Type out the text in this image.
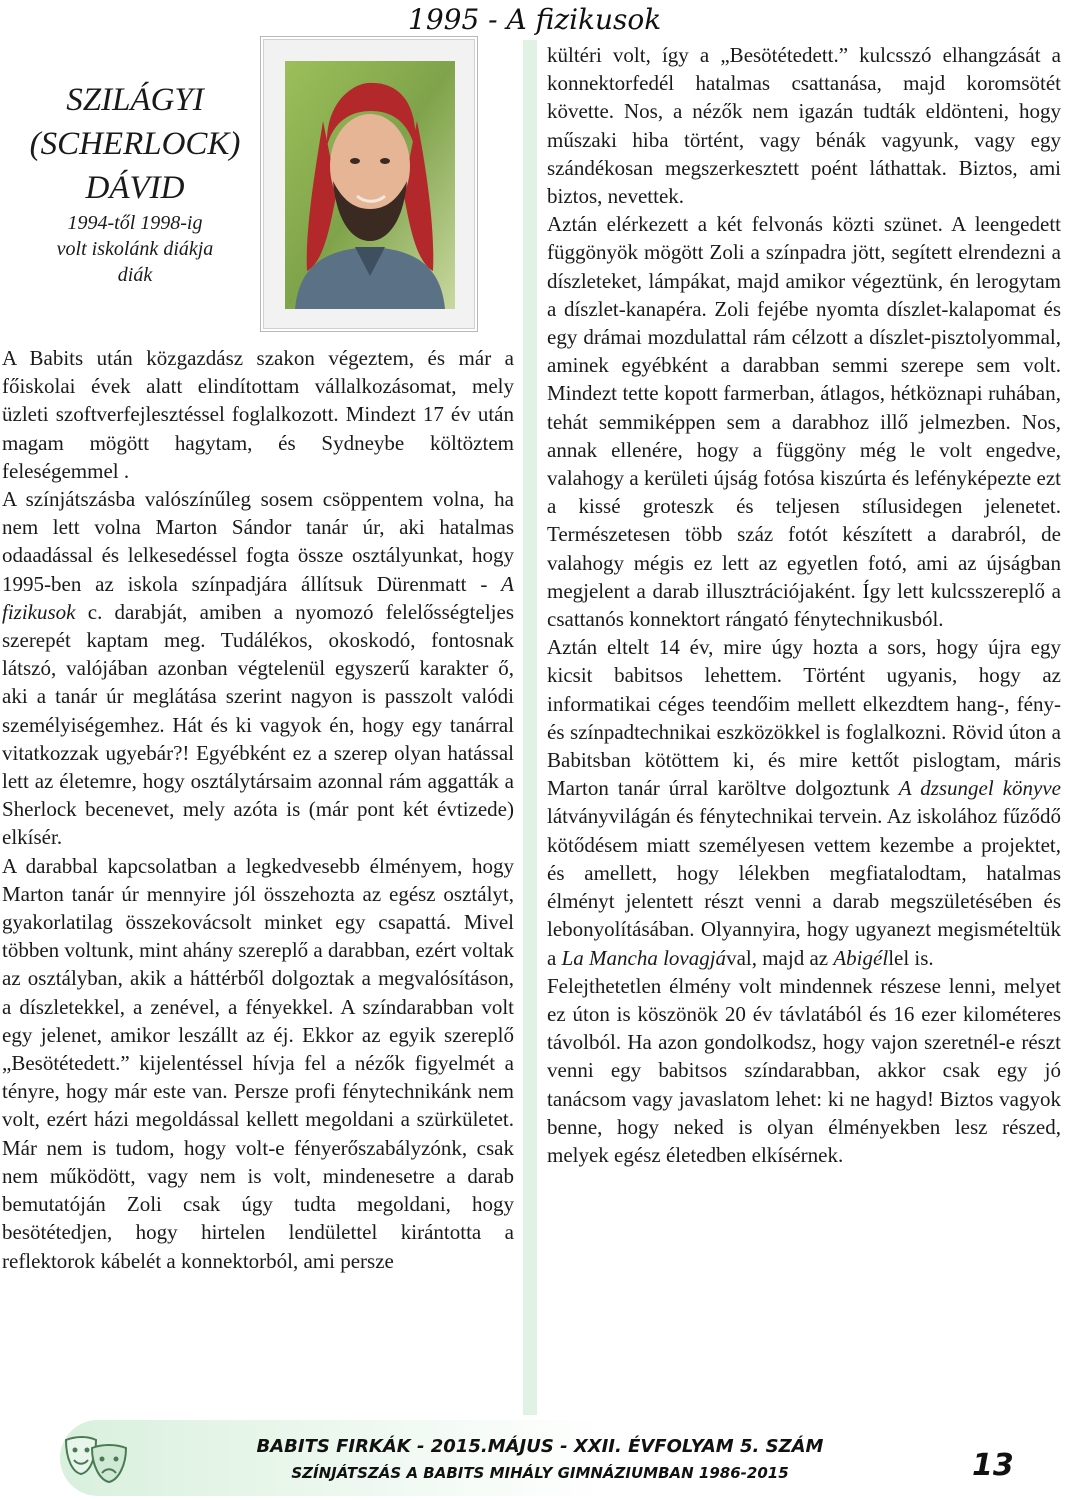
1995 - A fizikusok
SZILÁGYI
(SCHERLOCK)
DÁVID
1994-től 1998-ig
volt iskolánk diákja
diák

A Babits után közgazdász szakon végeztem, és már a főiskolai évek alatt elindítottam vállalkozásomat, mely üzleti szoftverfejlesztéssel foglalkozott. Mindezt 17 év után magam mögött hagytam, és Sydneybe költöztem feleségemmel .

A színjátszásba valószínűleg sosem csöppentem volna, ha nem lett volna Marton Sándor tanár úr, aki hatalmas odaadással és lelkesedéssel fogta össze osztályunkat, hogy 1995-ben az iskola színpadjára állítsuk Dürenmatt - A fizikusok c. darabját, amiben a nyomozó felelősségteljes szerepét kaptam meg. Tudálékos, okoskodó, fontosnak látszó, valójában azonban végtelenül egyszerű karakter ő, aki a tanár úr meglátása szerint nagyon is passzolt valódi személyiségemhez. Hát és ki vagyok én, hogy egy tanárral vitatkozzak ugyebár?! Egyébként ez a szerep olyan hatással lett az életemre, hogy osztálytársaim azonnal rám aggatták a Sherlock becenevet, mely azóta is (már pont két évtizede) elkísér.

A darabbal kapcsolatban a legkedvesebb élményem, hogy Marton tanár úr mennyire jól összehozta az egész osztályt, gyakorlatilag összekovácsolt minket egy csapattá. Mivel többen voltunk, mint ahány szereplő a darabban, ezért voltak az osztályban, akik a háttérből dolgoztak a megvalósításon, a díszletekkel, a zenével, a fényekkel. A színdarabban volt egy jelenet, amikor leszállt az éj. Ekkor az egyik szereplő „Besötétedett.” kijelentéssel hívja fel a nézők figyelmét a tényre, hogy már este van. Persze profi fénytechnikánk nem volt, ezért házi megoldással kellett megoldani a szürkületet. Már nem is tudom, hogy volt-e fényerőszabályzónk, csak nem működött, vagy nem is volt, mindenesetre a darab bemutatóján Zoli csak úgy tudta megoldani, hogy besötétedjen, hogy hirtelen lendülettel kirántotta a reflektorok kábelét a konnektorból, ami persze

kültéri volt, így a „Besötétedett.” kulcsszó elhangzását a konnektorfedél hatalmas csattanása, majd koromsötét követte. Nos, a nézők nem igazán tudták eldönteni, hogy műszaki hiba történt, vagy bénák vagyunk, vagy egy szándékosan megszerkesztett poént láthattak. Biztos, ami biztos, nevettek.

Aztán elérkezett a két felvonás közti szünet. A leengedett függönyök mögött Zoli a színpadra jött, segített elrendezni a díszleteket, lámpákat, majd amikor végeztünk, én lerogytam a díszlet-kanapéra. Zoli fejébe nyomta díszlet-kalapomat és egy drámai mozdulattal rám célzott a díszlet-pisztolyommal, aminek egyébként a darabban semmi szerepe sem volt. Mindezt tette kopott farmerban, átlagos, hétköznapi ruhában, tehát semmiképpen sem a darabhoz illő jelmezben. Nos, annak ellenére, hogy a függöny még le volt engedve, valahogy a kerületi újság fotósa kiszúrta és lefényképezte ezt a kissé groteszk és teljesen stílusidegen jelenetet. Természetesen több száz fotót készített a darabról, de valahogy mégis ez lett az egyetlen fotó, ami az újságban megjelent a darab illusztrációjaként. Így lett kulcsszereplő a csattanós konnektort rángató fénytechnikusból.

Aztán eltelt 14 év, mire úgy hozta a sors, hogy újra egy kicsit babitsos lehettem. Történt ugyanis, hogy az informatikai céges teendőim mellett elkezdtem hang-, fény- és színpadtechnikai eszközökkel is foglalkozni. Rövid úton a Babitsban kötöttem ki, és mire kettőt pislogtam, máris Marton tanár úrral karöltve dolgoztunk A dzsungel könyve látványvilágán és fénytechnikai tervein. Az iskolához fűződő kötődésem miatt személyesen vettem kezembe a projektet, és amellett, hogy lélekben megfiatalodtam, hatalmas élményt jelentett részt venni a darab megszületésében és lebonyolításában. Olyannyira, hogy ugyanezt megismételtük a La Mancha lovagjával, majd az Abigéllel is.

Felejthetetlen élmény volt mindennek részese lenni, melyet ez úton is köszönök 20 év távlatából és 16 ezer kilométeres távolból. Ha azon gondolkodsz, hogy vajon szeretnél-e részt venni egy babitsos színdarabban, akkor csak egy jó tanácsom vagy javaslatom lehet: ki ne hagyd! Biztos vagyok benne, hogy neked is olyan élményekben lesz részed, melyek egész életedben elkísérnek.

BABITS FIRKÁK - 2015.MÁJUS - XXII. ÉVFOLYAM 5. SZÁM
SZÍNJÁTSZÁS A BABITS MIHÁLY GIMNÁZIUMBAN 1986-2015	13
